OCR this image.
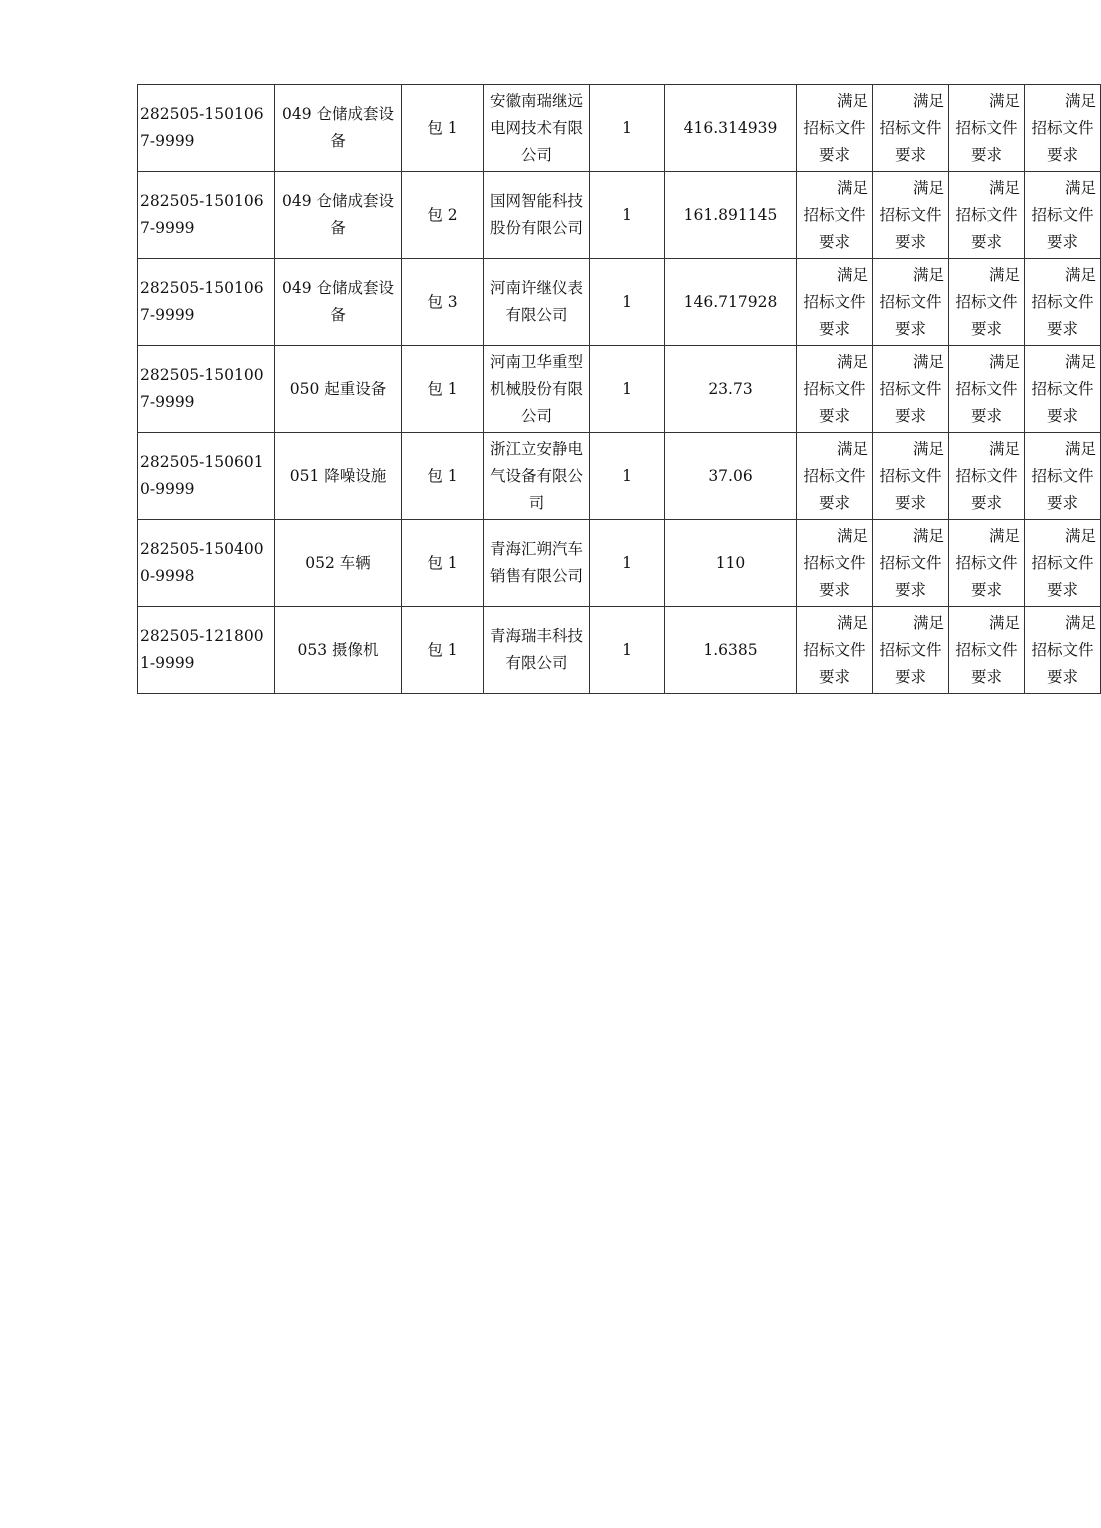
282505-1501067-9999	049 仓储成套设备	包 1	安徽南瑞继远电网技术有限公司	1	416.314939	满足
招标文件
要求	满足
招标文件
要求	满足
招标文件
要求	满足
招标文件
要求

282505-1501067-9999	049 仓储成套设备	包 2	国网智能科技股份有限公司	1	161.891145	满足
招标文件
要求	满足
招标文件
要求	满足
招标文件
要求	满足
招标文件
要求

282505-1501067-9999	049 仓储成套设备	包 3	河南许继仪表有限公司	1	146.717928	满足
招标文件
要求	满足
招标文件
要求	满足
招标文件
要求	满足
招标文件
要求

282505-1501007-9999	050 起重设备	包 1	河南卫华重型机械股份有限公司	1	23.73	满足
招标文件
要求	满足
招标文件
要求	满足
招标文件
要求	满足
招标文件
要求

282505-1506010-9999	051 降噪设施	包 1	浙江立安静电气设备有限公司	1	37.06	满足
招标文件
要求	满足
招标文件
要求	满足
招标文件
要求	满足
招标文件
要求

282505-1504000-9998	052 车辆	包 1	青海汇朔汽车销售有限公司	1	110	满足
招标文件
要求	满足
招标文件
要求	满足
招标文件
要求	满足
招标文件
要求

282505-1218001-9999	053 摄像机	包 1	青海瑞丰科技有限公司	1	1.6385	满足
招标文件
要求	满足
招标文件
要求	满足
招标文件
要求	满足
招标文件
要求
